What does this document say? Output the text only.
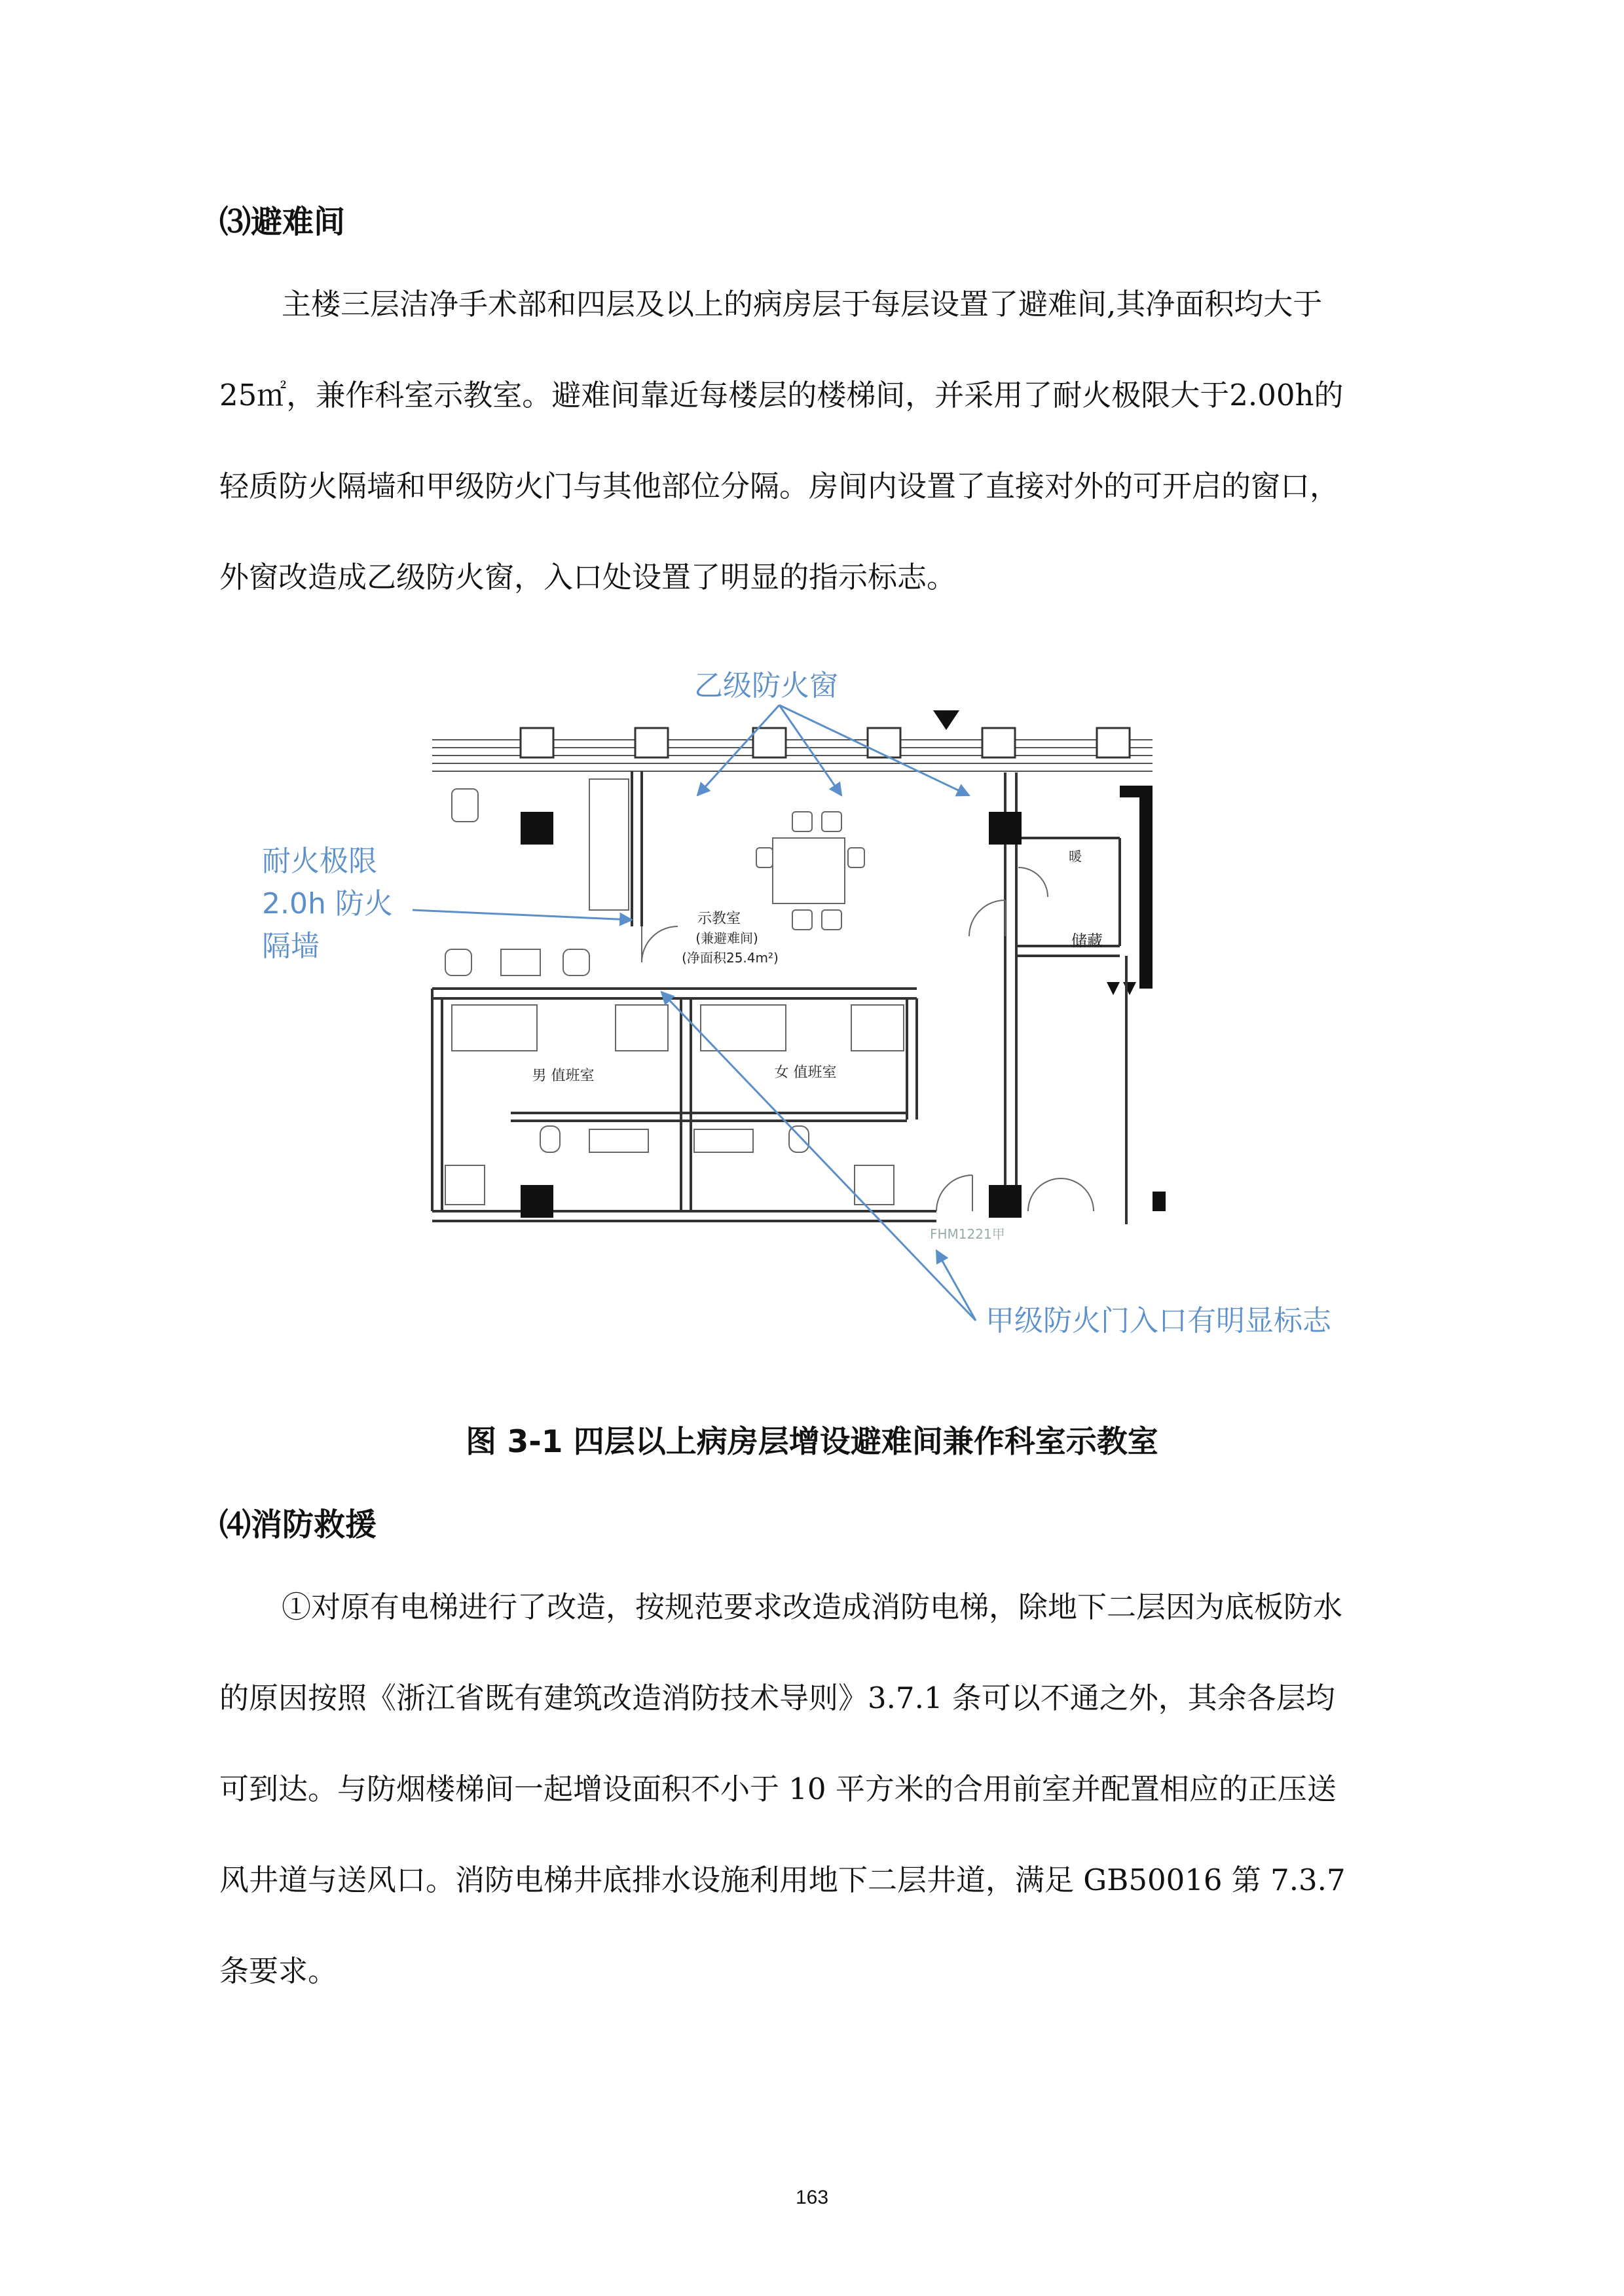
⑶避难间
主楼三层洁净手术部和四层及以上的病房层于每层设置了避难间,其净面积均大于
25㎡，兼作科室示教室。避难间靠近每楼层的楼梯间，并采用了耐火极限大于2.00h的
轻质防火隔墙和甲级防火门与其他部位分隔。房间内设置了直接对外的可开启的窗口，
外窗改造成乙级防火窗，入口处设置了明显的指示标志。
示教室
(兼避难间)
(净面积25.4m²)
男 值班室	女 值班室
储藏
暖
FHM1221甲
乙级防火窗
耐火极限
2.0h 防火
隔墙
甲级防火门入口有明显标志
图 3-1 四层以上病房层增设避难间兼作科室示教室
⑷消防救援
①对原有电梯进行了改造，按规范要求改造成消防电梯，除地下二层因为底板防水
的原因按照《浙江省既有建筑改造消防技术导则》3.7.1 条可以不通之外，其余各层均
可到达。与防烟楼梯间一起增设面积不小于 10 平方米的合用前室并配置相应的正压送
风井道与送风口。消防电梯井底排水设施利用地下二层井道，满足 GB50016 第 7.3.7
条要求。
163
